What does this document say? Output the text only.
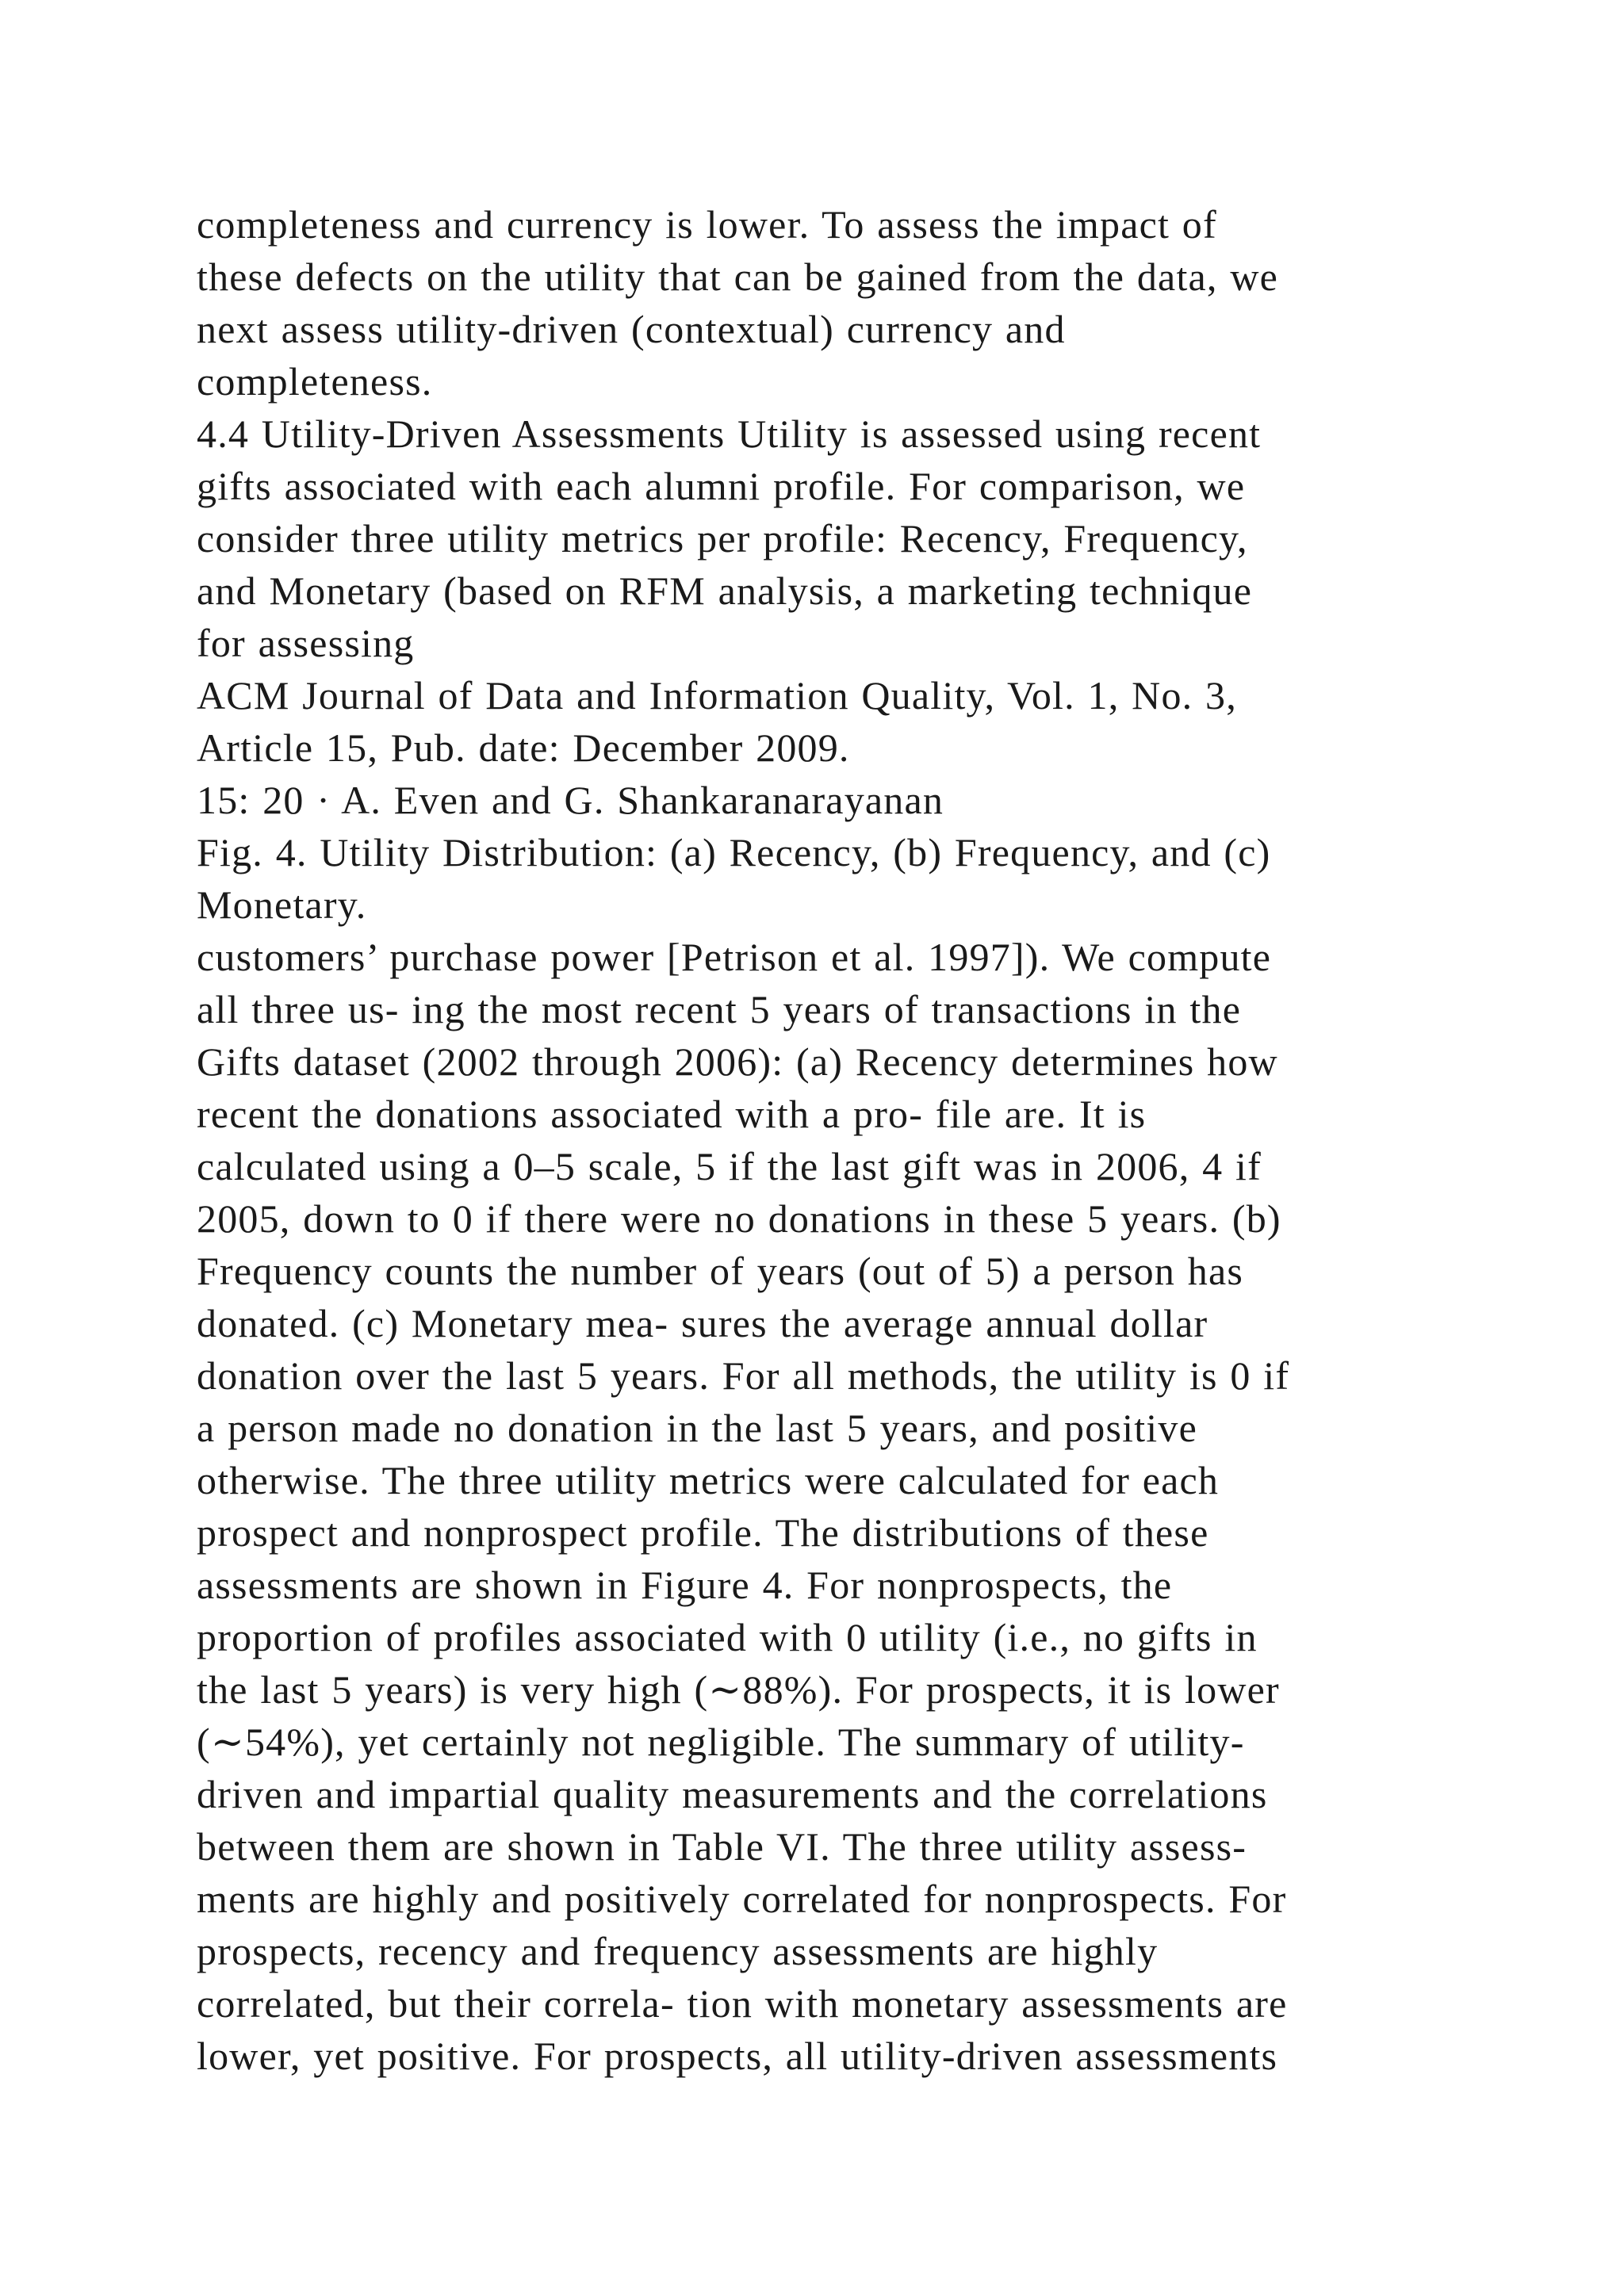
completeness and currency is lower. To assess the impact of
these defects on the utility that can be gained from the data, we
next assess utility-driven (contextual) currency and
completeness.
4.4 Utility-Driven Assessments Utility is assessed using recent
gifts associated with each alumni profile. For comparison, we
consider three utility metrics per profile: Recency, Frequency,
and Monetary (based on RFM analysis, a marketing technique
for assessing
ACM Journal of Data and Information Quality, Vol. 1, No. 3,
Article 15, Pub. date: December 2009.
15: 20 · A. Even and G. Shankaranarayanan
Fig. 4. Utility Distribution: (a) Recency, (b) Frequency, and (c)
Monetary.
customers’ purchase power [Petrison et al. 1997]). We compute
all three us- ing the most recent 5 years of transactions in the
Gifts dataset (2002 through 2006): (a) Recency determines how
recent the donations associated with a pro- file are. It is
calculated using a 0–5 scale, 5 if the last gift was in 2006, 4 if
2005, down to 0 if there were no donations in these 5 years. (b)
Frequency counts the number of years (out of 5) a person has
donated. (c) Monetary mea- sures the average annual dollar
donation over the last 5 years. For all methods, the utility is 0 if
a person made no donation in the last 5 years, and positive
otherwise. The three utility metrics were calculated for each
prospect and nonprospect profile. The distributions of these
assessments are shown in Figure 4. For nonprospects, the
proportion of profiles associated with 0 utility (i.e., no gifts in
the last 5 years) is very high (∼88%). For prospects, it is lower
(∼54%), yet certainly not negligible. The summary of utility-
driven and impartial quality measurements and the correlations
between them are shown in Table VI. The three utility assess-
ments are highly and positively correlated for nonprospects. For
prospects, recency and frequency assessments are highly
correlated, but their correla- tion with monetary assessments are
lower, yet positive. For prospects, all utility-driven assessments
